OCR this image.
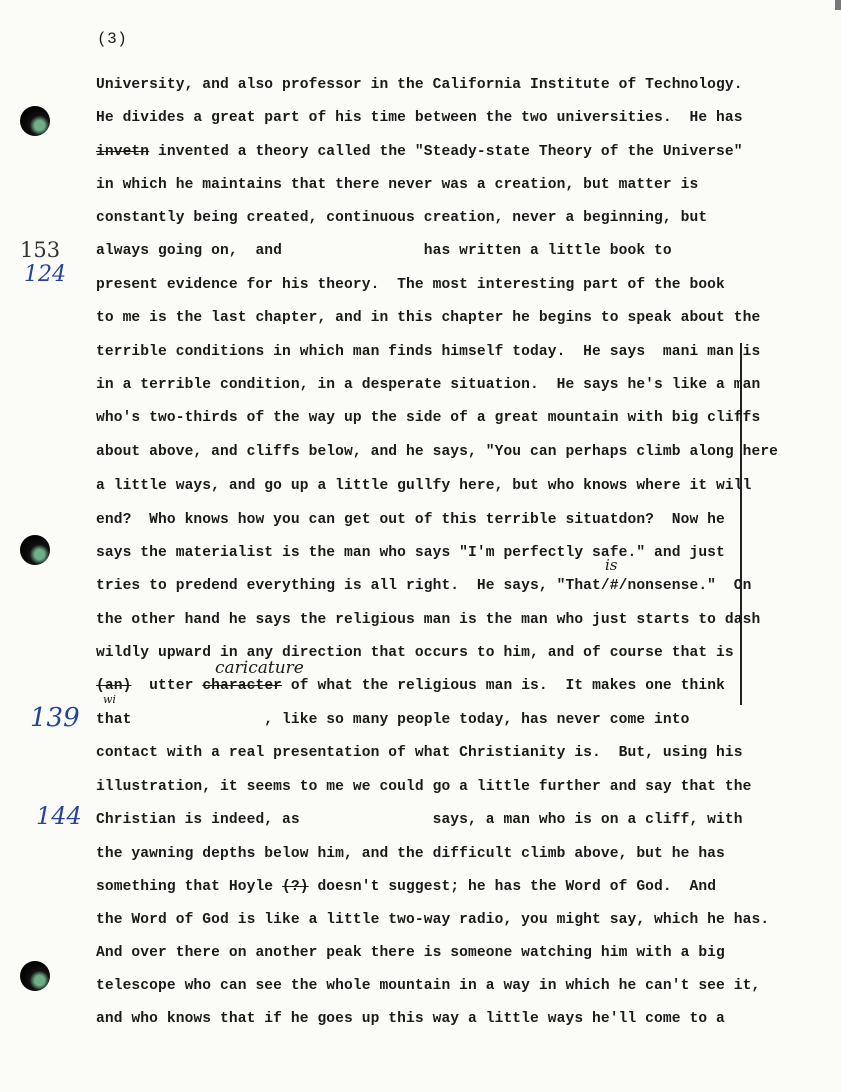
(3)
153
124
139
144
University, and also professor in the California Institute of Technology.
He divides a great part of his time between the two universities.  He has
invetn invented a theory called the "Steady-state Theory of the Universe"
in which he maintains that there never was a creation, but matter is
constantly being created, continuous creation, never a beginning, but
always going on,  and                has written a little book to
present evidence for his theory.  The most interesting part of the book
to me is the last chapter, and in this chapter he begins to speak about the
terrible conditions in which man finds himself today.  He says  mani man is
in a terrible condition, in a desperate situation.  He says he's like a man
who's two-thirds of the way up the side of a great mountain with big cliffs
about above, and cliffs below, and he says, "You can perhaps climb along here
a little ways, and go up a little gullfy here, but who knows where it will
end?  Who knows how you can get out of this terrible situatdon?  Now he
says the materialist is the man who says "I'm perfectly safe." and just
is
tries to predend everything is all right.  He says, "That/#/nonsense."  On
the other hand he says the religious man is the man who just starts to dash
wildly upward in any direction that occurs to him, and of course that is
caricature
(an)  utter character of what the religious man is.  It makes one think
wi
that               , like so many people today, has never come into
contact with a real presentation of what Christianity is.  But, using his
illustration, it seems to me we could go a little further and say that the
Christian is indeed, as               says, a man who is on a cliff, with
the yawning depths below him, and the difficult climb above, but he has
something that Hoyle (?) doesn't suggest; he has the Word of God.  And
the Word of God is like a little two-way radio, you might say, which he has.
And over there on another peak there is someone watching him with a big
telescope who can see the whole mountain in a way in which he can't see it,
and who knows that if he goes up this way a little ways he'll come to a
